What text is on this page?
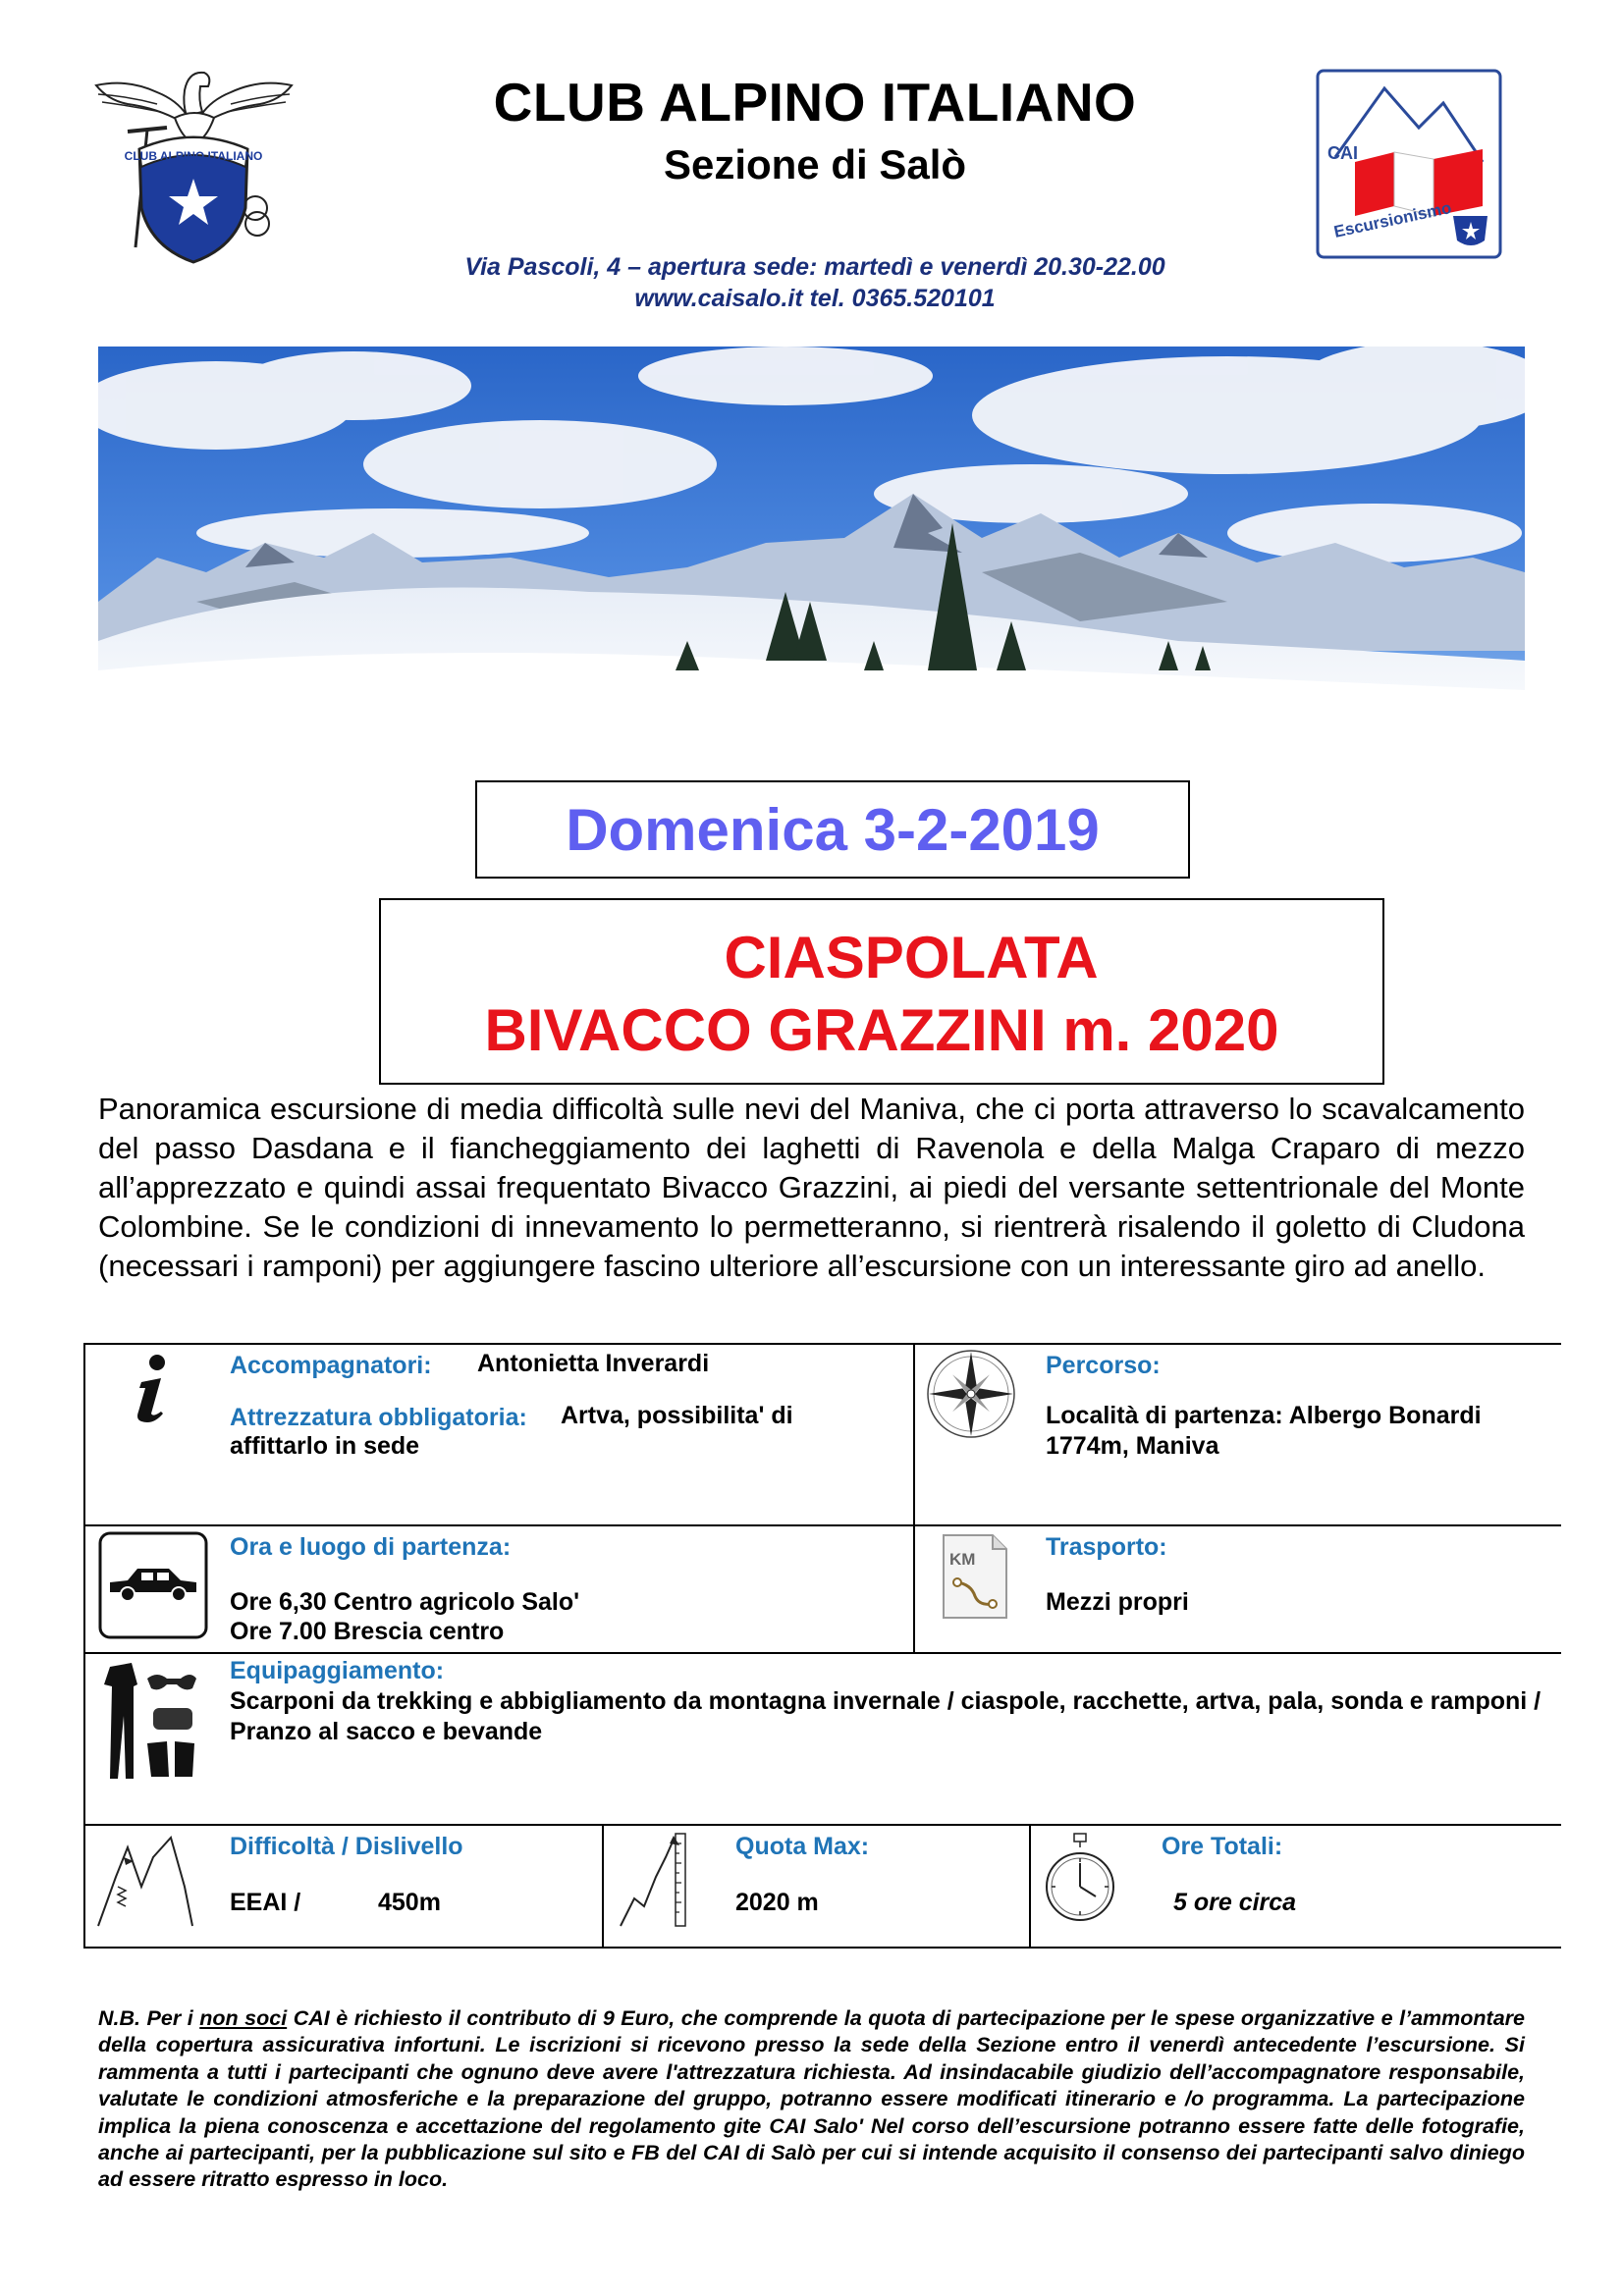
CLUB ALPINO ITALIANO
CLUB ALPINO ITALIANO
Sezione di Salò
Via Pascoli, 4 – apertura sede: martedì e venerdì 20.30-22.00
www.caisalo.it tel. 0365.520101
CAI
Escursionismo
Domenica 3-2-2019
CIASPOLATA
BIVACCO GRAZZINI m. 2020
Panoramica escursione di media difficoltà sulle nevi del Maniva, che ci porta attraverso lo scavalcamento del passo Dasdana e il fiancheggiamento dei laghetti di Ravenola e della Malga Craparo di mezzo all’apprezzato e quindi assai frequentato Bivacco Grazzini, ai piedi del versante settentrionale del Monte Colombine. Se le condizioni di innevamento lo permetteranno, si rientrerà risalendo il goletto di Cludona (necessari i ramponi) per aggiungere fascino ulteriore all’escursione con un interessante giro ad anello.
Accompagnatori: Antonietta Inverardi
Attrezzatura obbligatoria:	Artva, possibilita' di affittarlo in sede
Percorso:
Località di partenza: Albergo Bonardi 1774m, Maniva
Ora e luogo di partenza:
Ore 6,30 Centro agricolo Salo'
Ore 7.00 Brescia centro
KM	Trasporto:
Mezzi propri
Equipaggiamento:
Scarponi da trekking e abbigliamento da montagna invernale / ciaspole, racchette, artva, pala, sonda e ramponi / Pranzo al sacco e bevande
Difficoltà / Dislivello
EEAI /	450m
Quota Max:
2020 m
Ore Totali:
5 ore circa
N.B. Per i non soci CAI è richiesto il contributo di 9 Euro, che comprende la quota di partecipazione per le spese organizzative e l’ammontare della copertura assicurativa infortuni. Le iscrizioni si ricevono presso la sede della Sezione entro il venerdì antecedente l’escursione. Si rammenta a tutti i partecipanti che ognuno deve avere l'attrezzatura richiesta. Ad insindacabile giudizio dell’accompagnatore responsabile, valutate le condizioni atmosferiche e la preparazione del gruppo, potranno essere modificati itinerario e /o programma. La partecipazione implica la piena conoscenza e accettazione del regolamento gite CAI Salo' Nel corso dell’escursione potranno essere fatte delle fotografie, anche ai partecipanti, per la pubblicazione sul sito e FB del CAI di Salò per cui si intende acquisito il consenso dei partecipanti salvo diniego ad essere ritratto espresso in loco.
